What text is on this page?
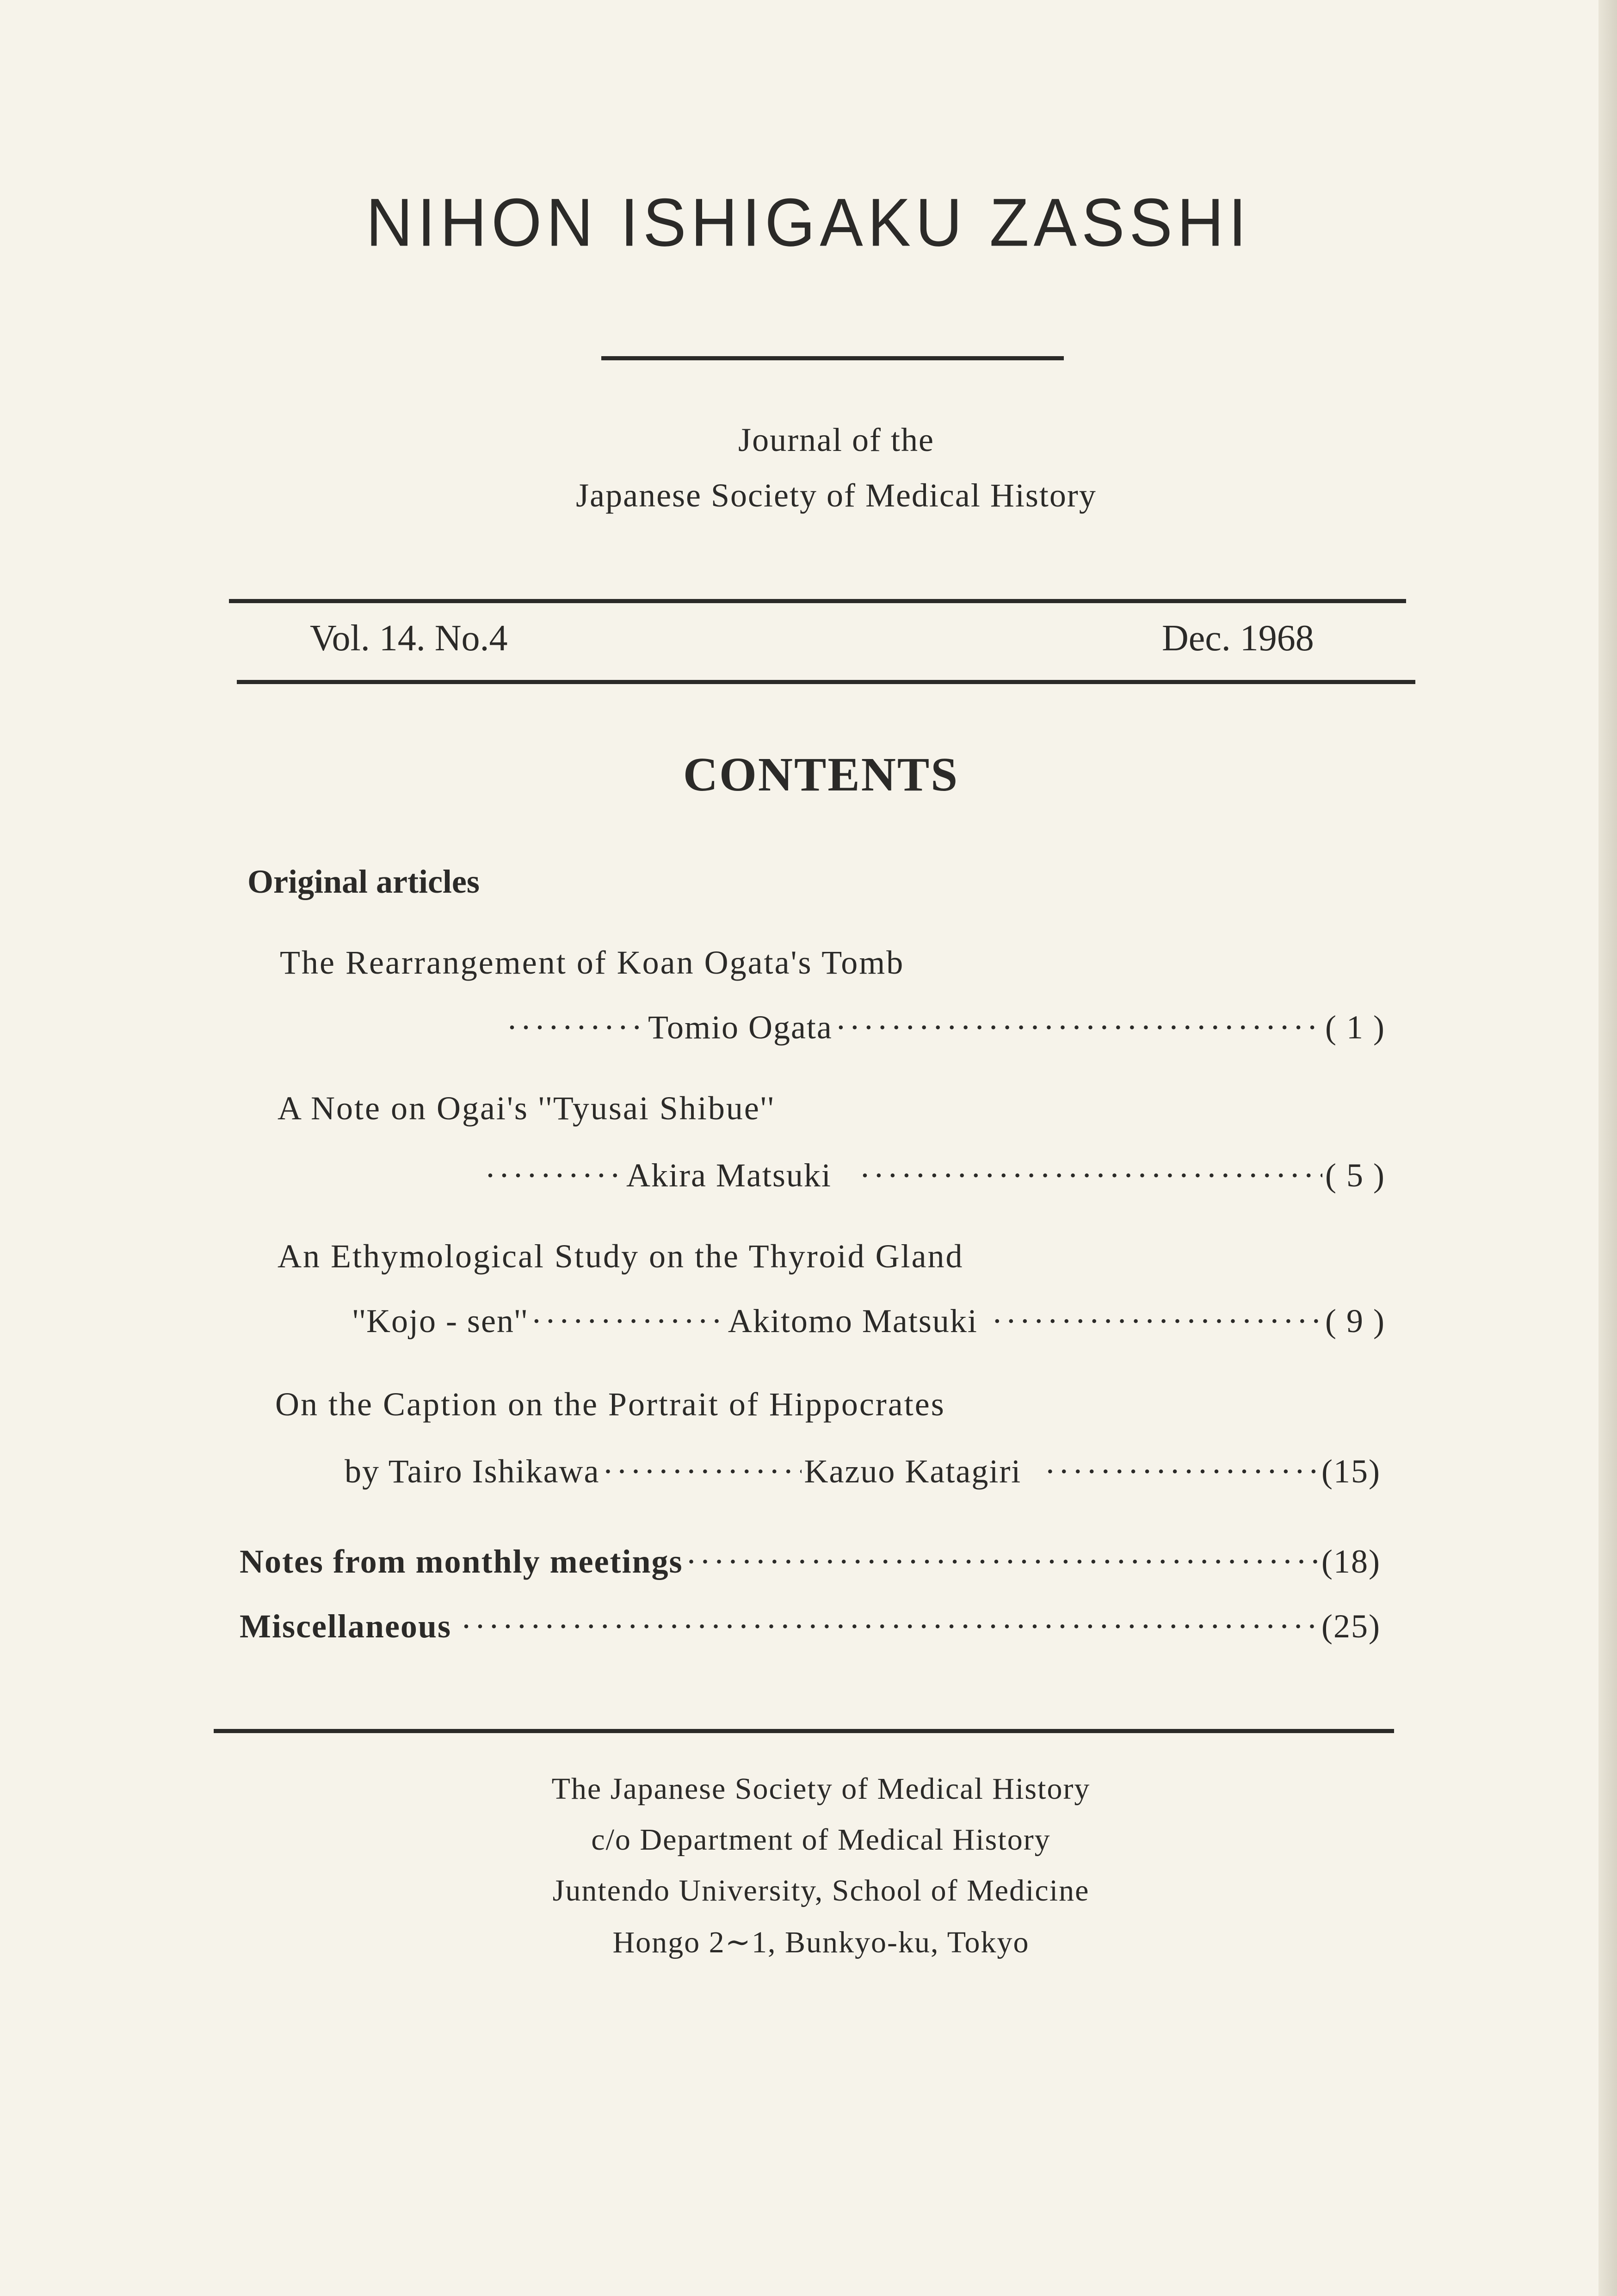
NIHON ISHIGAKU ZASSHI
Journal of the
Japanese Society of Medical History
Vol. 14. No.4	Dec. 1968
CONTENTS
Original articles
The Rearrangement of Koan Ogata's Tomb
·····
Tomio Ogata ·····	( 1 )
A Note on Ogai's ''Tyusai Shibue''
·····
Akira Matsuki ·····	( 5 )
An Ethymological Study on the Thyroid Gland
''Kojo - sen'' ·····	Akitomo Matsuki ·····	( 9 )
On the Caption on the Portrait of Hippocrates
by Tairo Ishikawa ·····	Kazuo Katagiri ·····	(15)
Notes from monthly meetings ·····	(18)
Miscellaneous ·····	(25)
The Japanese Society of Medical History
c/o Department of Medical History
Juntendo University, School of Medicine
Hongo 2∼1, Bunkyo-ku, Tokyo
